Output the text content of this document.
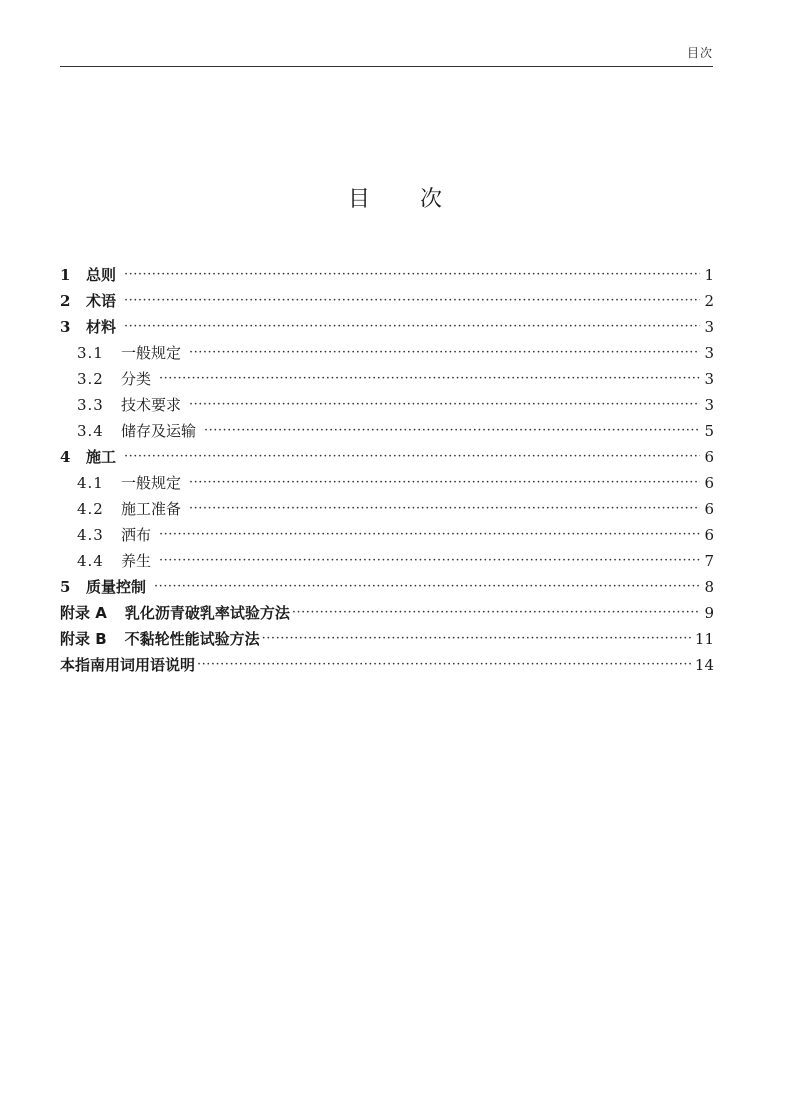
目次
目 次
1	总则 ·····	1
2	术语 ·····	2
3	材料 ·····	3
3.1	一般规定 ·····	3
3.2	分类 ·····	3
3.3	技术要求 ·····	3
3.4	储存及运输 ·····	5
4	施工 ·····	6
4.1	一般规定 ·····	6
4.2	施工准备 ·····	6
4.3	洒布 ·····	6
4.4	养生 ·····	7
5	质量控制 ·····	8
附录 A	乳化沥青破乳率试验方法 ·····	9
附录 B	不黏轮性能试验方法 ·····	11
本指南用词用语说明 ·····	14
